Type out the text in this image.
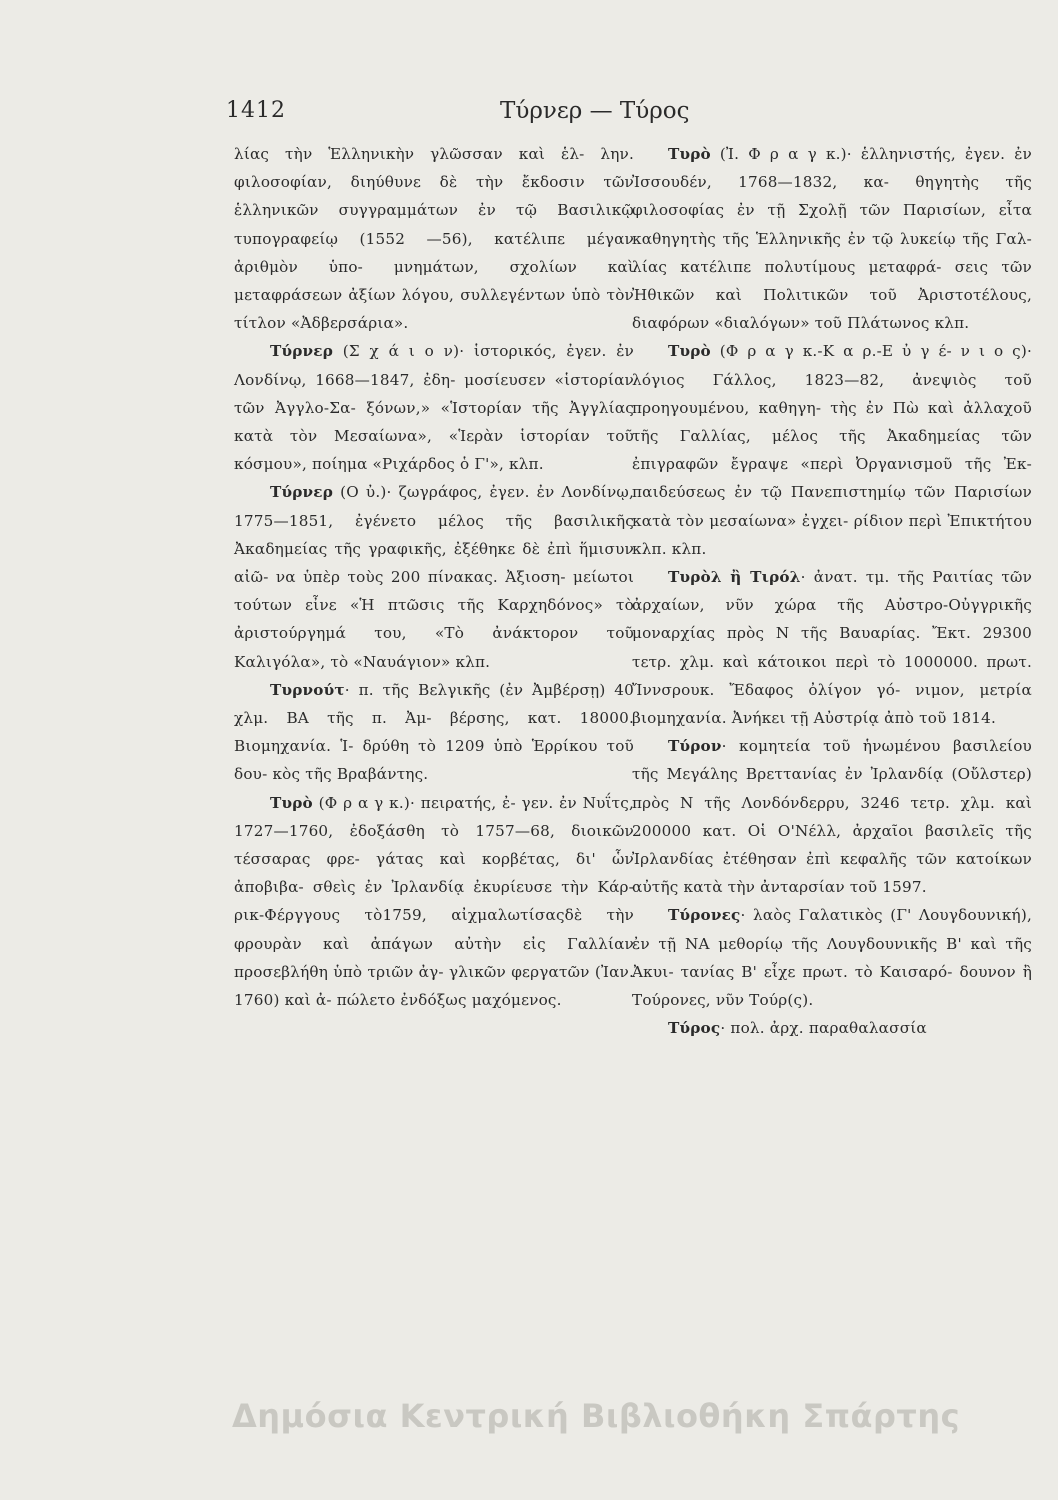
1412	Τύρνερ — Τύρος

λίας τὴν Ἑλληνικὴν γλῶσσαν καὶ ἑλ- λην. φιλοσοφίαν, διηύθυνε δὲ τὴν ἔκδοσιν τῶν ἑλληνικῶν συγγραμμάτων ἐν τῷ Βασιλικῷ τυπογραφείῳ (1552 —56), κατέλιπε μέγαν ἀριθμὸν ὑπο- μνημάτων, σχολίων καὶ μεταφράσεων ἀξίων λόγου, συλλεγέντων ὑπὸ τὸν τίτλον «Ἀδβερσάρια».

Τύρνερ (Σ χ ά ι ο ν)· ἱστορικός, ἐγεν. ἐν Λονδίνῳ, 1668—1847, ἐδη- μοσίευσεν «ἱστορίαν τῶν Ἀγγλο-Σα- ξόνων,» «Ἱστορίαν τῆς Ἀγγλίας κατὰ τὸν Μεσαίωνα», «Ἱερὰν ἱστορίαν τοῦ κόσμου», ποίημα «Ριχάρδος ὁ Γ'», κλπ.

Τύρνερ (Ο ὐ.)· ζωγράφος, ἐγεν. ἐν Λονδίνῳ, 1775—1851, ἐγένετο μέλος τῆς βασιλικῆς Ἀκαδημείας τῆς γραφικῆς, ἐξέθηκε δὲ ἐπὶ ἥμισυν αἰῶ- να ὑπὲρ τοὺς 200 πίνακας. Ἀξιοση- μείωτοι τούτων εἶνε «Ἡ πτῶσις τῆς Καρχηδόνος» τὸ ἀριστούργημά του, «Τὸ ἀνάκτορον τοῦ Καλιγόλα», τὸ «Ναυάγιον» κλπ.

Τυρνούτ· π. τῆς Βελγικῆς (ἐν Ἀμβέρσῃ) 40 χλμ. ΒΑ τῆς π. Ἀμ- βέρσης, κατ. 18000. Βιομηχανία. Ἱ- δρύθη τὸ 1209 ὑπὸ Ἑρρίκου τοῦ δου- κὸς τῆς Βραβάντης.

Τυρὸ (Φ ρ α γ κ.)· πειρατής, ἐ- γεν. ἐν Νυΐτς, 1727—1760, ἐδοξάσθη τὸ 1757—68, διοικῶν τέσσαρας φρε- γάτας καὶ κορβέτας, δι' ὧν ἀποβιβα- σθεὶς ἐν Ἰρλανδίᾳ ἐκυρίευσε τὴν Κάρ- ρικ-Φέργγους τὸ1759, αἰχμαλωτίσαςδὲ τὴν φρουρὰν καὶ ἀπάγων αὐτὴν εἰς Γαλλίαν προσεβλήθη ὑπὸ τριῶν ἀγ- γλικῶν φεργατῶν (Ἰαν. 1760) καὶ ἀ- πώλετο ἐνδόξως μαχόμενος.

Τυρὸ (Ἰ. Φ ρ α γ κ.)· ἑλληνιστής, ἐγεν. ἐν Ἰσσουδέν, 1768—1832, κα- θηγητὴς τῆς φιλοσοφίας ἐν τῇ Σχολῇ τῶν Παρισίων, εἶτα καθηγητὴς τῆς Ἑλληνικῆς ἐν τῷ λυκείῳ τῆς Γαλ- λίας κατέλιπε πολυτίμους μεταφρά- σεις τῶν Ἠθικῶν καὶ Πολιτικῶν τοῦ Ἀριστοτέλους, διαφόρων «διαλόγων» τοῦ Πλάτωνος κλπ.

Τυρὸ (Φ ρ α γ κ.-Κ α ρ.-Ε ὐ γ έ- ν ι ο ς)· λόγιος Γάλλος, 1823—82, ἀνεψιὸς τοῦ προηγουμένου, καθηγη- τὴς ἐν Πὼ καὶ ἀλλαχοῦ τῆς Γαλλίας, μέλος τῆς Ἀκαδημείας τῶν ἐπιγραφῶν ἔγραψε «περὶ Ὀργανισμοῦ τῆς Ἐκ- παιδεύσεως ἐν τῷ Πανεπιστημίῳ τῶν Παρισίων κατὰ τὸν μεσαίωνα» ἐγχει- ρίδιον περὶ Ἐπικτήτου κλπ. κλπ.

Τυρὸλ ἢ Τιρόλ· ἀνατ. τμ. τῆς Ραιτίας τῶν ἀρχαίων, νῦν χώρα τῆς Αὐστρο-Οὐγγρικῆς μοναρχίας πρὸς Ν τῆς Βαυαρίας. Ἔκτ. 29300 τετρ. χλμ. καὶ κάτοικοι περὶ τὸ 1000000. πρωτ. Ἴννσρουκ. Ἔδαφος ὀλίγον γό- νιμον, μετρία βιομηχανία. Ἀνήκει τῇ Αὐστρίᾳ ἀπὸ τοῦ 1814.

Τύρον· κομητεία τοῦ ἡνωμένου βασιλείου τῆς Μεγάλης Βρεττανίας ἐν Ἰρλανδίᾳ (Οὔλστερ) πρὸς Ν τῆς Λονδόνδερρυ, 3246 τετρ. χλμ. καὶ 200000 κατ. Οἱ Ο'Νέλλ, ἀρχαῖοι βασιλεῖς τῆς Ἰρλανδίας ἐτέθησαν ἐπὶ κεφαλῆς τῶν κατοίκων αὐτῆς κατὰ τὴν ἀνταρσίαν τοῦ 1597.

Τύρονες· λαὸς Γαλατικὸς (Γ' Λουγδουνική), ἐν τῇ ΝΑ μεθορίῳ τῆς Λουγδουνικῆς Β' καὶ τῆς Ἀκυι- τανίας Β' εἶχε πρωτ. τὸ Καισαρό- δουνον ἢ Τούρονες, νῦν Τούρ(ς).

Τύρος· πολ. ἀρχ. παραθαλασσία

Δημόσια Κεντρική Βιβλιοθήκη Σπάρτης
